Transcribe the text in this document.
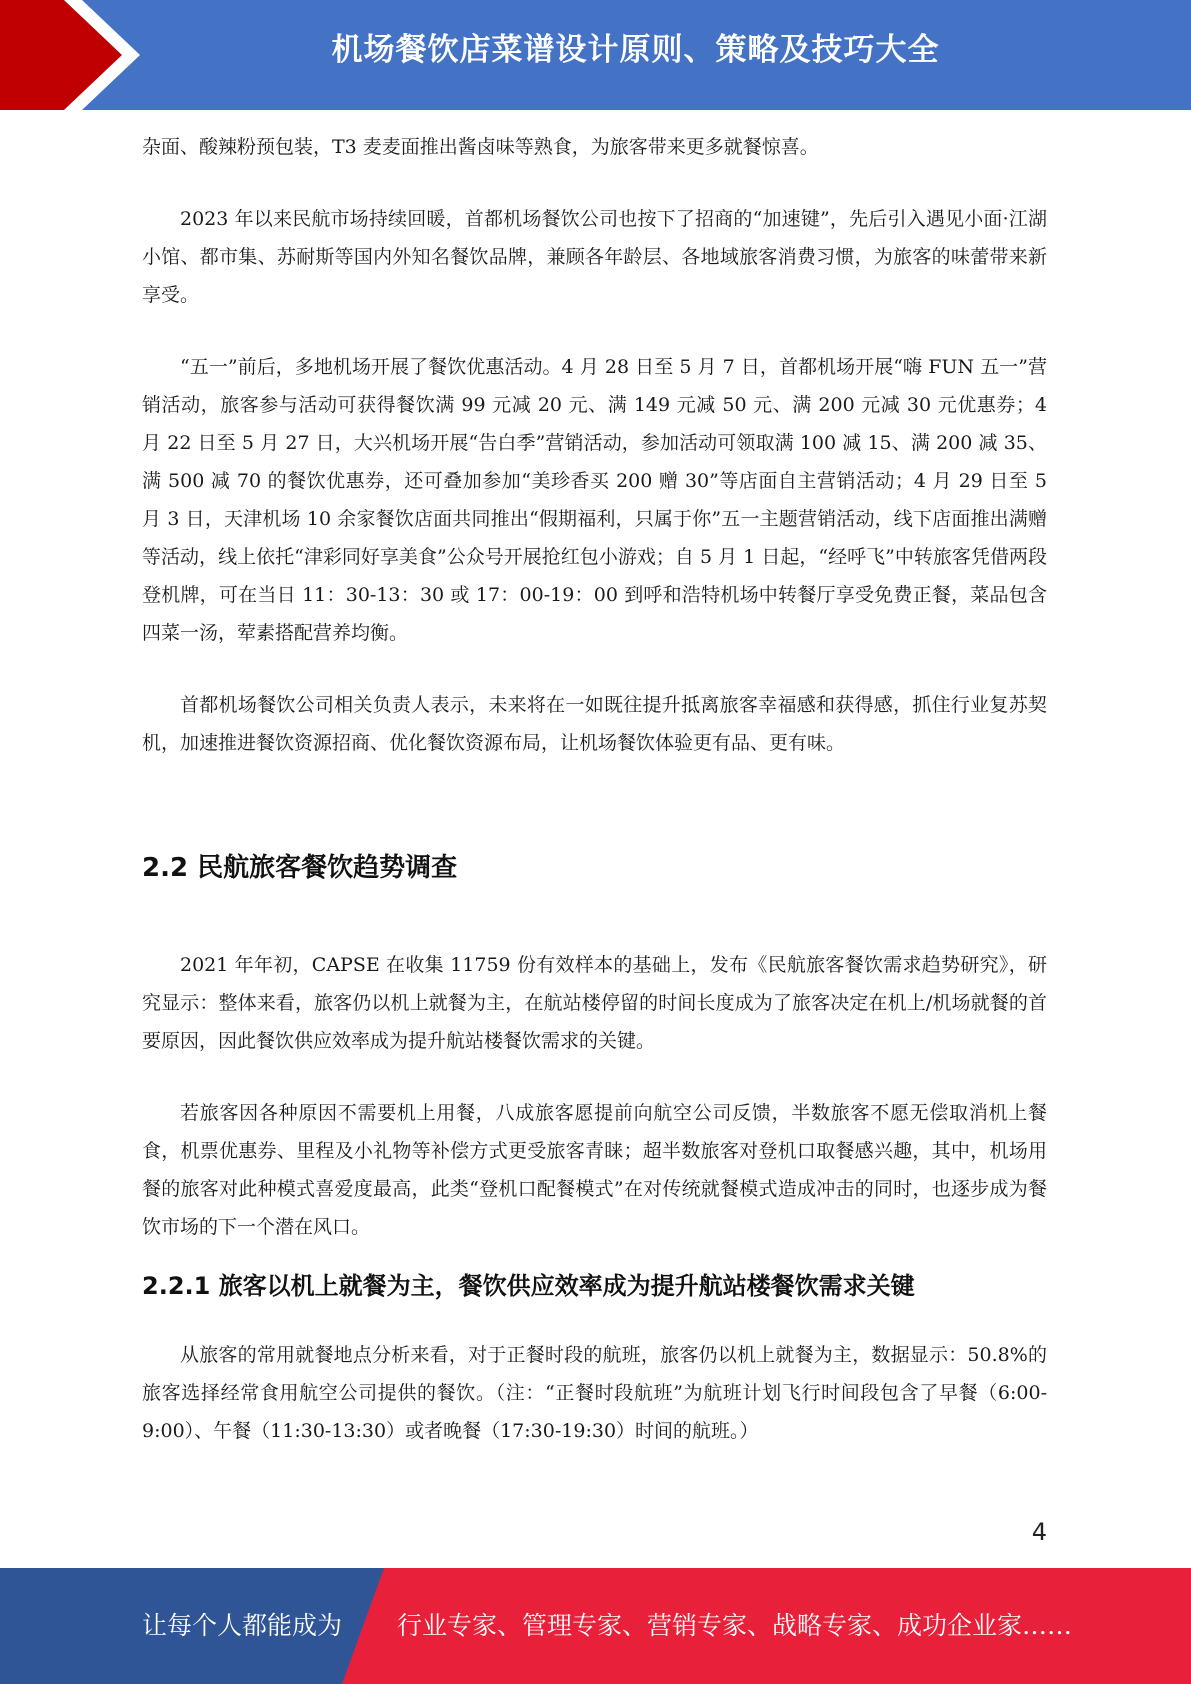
机场餐饮店菜谱设计原则、策略及技巧大全

杂面、酸辣粉预包装，T3 麦麦面推出酱卤味等熟食，为旅客带来更多就餐惊喜。

2023 年以来民航市场持续回暖，首都机场餐饮公司也按下了招商的“加速键”，先后引入遇见小面·江湖小馆、都市集、苏耐斯等国内外知名餐饮品牌，兼顾各年龄层、各地域旅客消费习惯，为旅客的味蕾带来新享受。

“五一”前后，多地机场开展了餐饮优惠活动。4 月 28 日至 5 月 7 日，首都机场开展“嗨 FUN 五一”营销活动，旅客参与活动可获得餐饮满 99 元减 20 元、满 149 元减 50 元、满 200 元减 30 元优惠券；4 月 22 日至 5 月 27 日，大兴机场开展“告白季”营销活动，参加活动可领取满 100 减 15、满 200 减 35、满 500 减 70 的餐饮优惠券，还可叠加参加“美珍香买 200 赠 30”等店面自主营销活动；4 月 29 日至 5 月 3 日，天津机场 10 余家餐饮店面共同推出“假期福利，只属于你”五一主题营销活动，线下店面推出满赠等活动，线上依托“津彩同好享美食”公众号开展抢红包小游戏；自 5 月 1 日起，“经呼飞”中转旅客凭借两段登机牌，可在当日 11：30-13：30 或 17：00-19：00 到呼和浩特机场中转餐厅享受免费正餐，菜品包含四菜一汤，荤素搭配营养均衡。

首都机场餐饮公司相关负责人表示，未来将在一如既往提升抵离旅客幸福感和获得感，抓住行业复苏契机，加速推进餐饮资源招商、优化餐饮资源布局，让机场餐饮体验更有品、更有味。

2.2 民航旅客餐饮趋势调查

2021 年年初，CAPSE 在收集 11759 份有效样本的基础上，发布《民航旅客餐饮需求趋势研究》，研究显示：整体来看，旅客仍以机上就餐为主，在航站楼停留的时间长度成为了旅客决定在机上/机场就餐的首要原因，因此餐饮供应效率成为提升航站楼餐饮需求的关键。

若旅客因各种原因不需要机上用餐，八成旅客愿提前向航空公司反馈，半数旅客不愿无偿取消机上餐食，机票优惠券、里程及小礼物等补偿方式更受旅客青睐；超半数旅客对登机口取餐感兴趣，其中，机场用餐的旅客对此种模式喜爱度最高，此类“登机口配餐模式”在对传统就餐模式造成冲击的同时，也逐步成为餐饮市场的下一个潜在风口。

2.2.1 旅客以机上就餐为主，餐饮供应效率成为提升航站楼餐饮需求关键

从旅客的常用就餐地点分析来看，对于正餐时段的航班，旅客仍以机上就餐为主，数据显示：50.8%的旅客选择经常食用航空公司提供的餐饮。（注：“正餐时段航班”为航班计划飞行时间段包含了早餐（6:00-9:00）、午餐（11:30-13:30）或者晚餐（17:30-19:30）时间的航班。）

4
让每个人都能成为 行业专家、管理专家、营销专家、战略专家、成功企业家……
